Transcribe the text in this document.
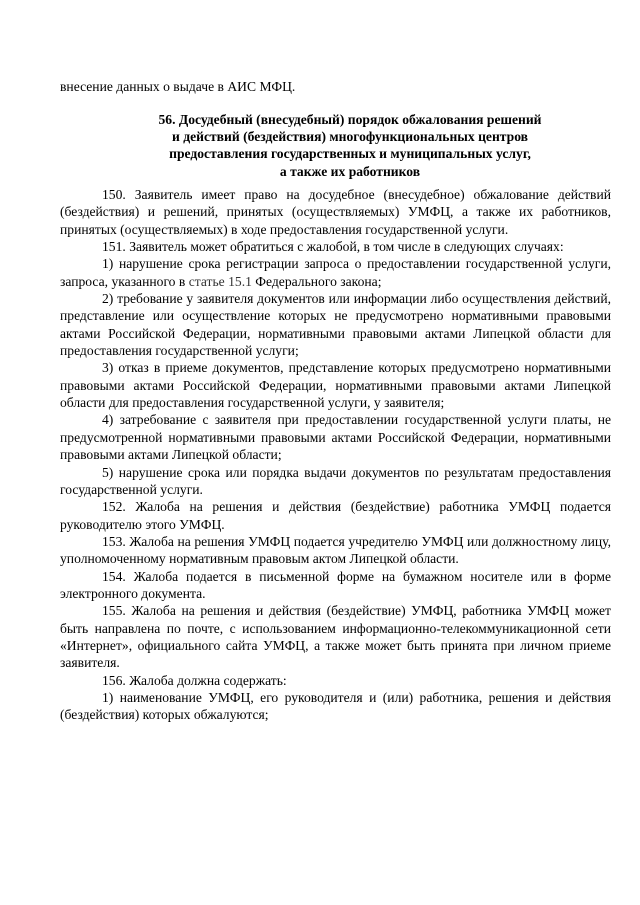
внесение данных о выдаче в АИС МФЦ.

56. Досудебный (внесудебный) порядок обжалования решений
и действий (бездействия) многофункциональных центров
предоставления государственных и муниципальных услуг,
а также их работников

150. Заявитель имеет право на досудебное (внесудебное) обжалование действий (бездействия) и решений, принятых (осуществляемых) УМФЦ, а также их работников, принятых (осуществляемых) в ходе предоставления государственной услуги.

151. Заявитель может обратиться с жалобой, в том числе в следующих случаях:

1) нарушение срока регистрации запроса о предоставлении государственной услуги, запроса, указанного в статье 15.1 Федерального закона;

2) требование у заявителя документов или информации либо осуществления действий, представление или осуществление которых не предусмотрено нормативными правовыми актами Российской Федерации, нормативными правовыми актами Липецкой области для предоставления государственной услуги;

3) отказ в приеме документов, представление которых предусмотрено нормативными правовыми актами Российской Федерации, нормативными правовыми актами Липецкой области для предоставления государственной услуги, у заявителя;

4) затребование с заявителя при предоставлении государственной услуги платы, не предусмотренной нормативными правовыми актами Российской Федерации, нормативными правовыми актами Липецкой области;

5) нарушение срока или порядка выдачи документов по результатам предоставления государственной услуги.

152. Жалоба на решения и действия (бездействие) работника УМФЦ подается руководителю этого УМФЦ.

153. Жалоба на решения УМФЦ подается учредителю УМФЦ или должностному лицу, уполномоченному нормативным правовым актом Липецкой области.

154. Жалоба подается в письменной форме на бумажном носителе или в форме электронного документа.

155. Жалоба на решения и действия (бездействие) УМФЦ, работника УМФЦ может быть направлена по почте, с использованием информационно-телекоммуникационной сети «Интернет», официального сайта УМФЦ, а также может быть принята при личном приеме заявителя.

156. Жалоба должна содержать:

1) наименование УМФЦ, его руководителя и (или) работника, решения и действия (бездействия) которых обжалуются;
